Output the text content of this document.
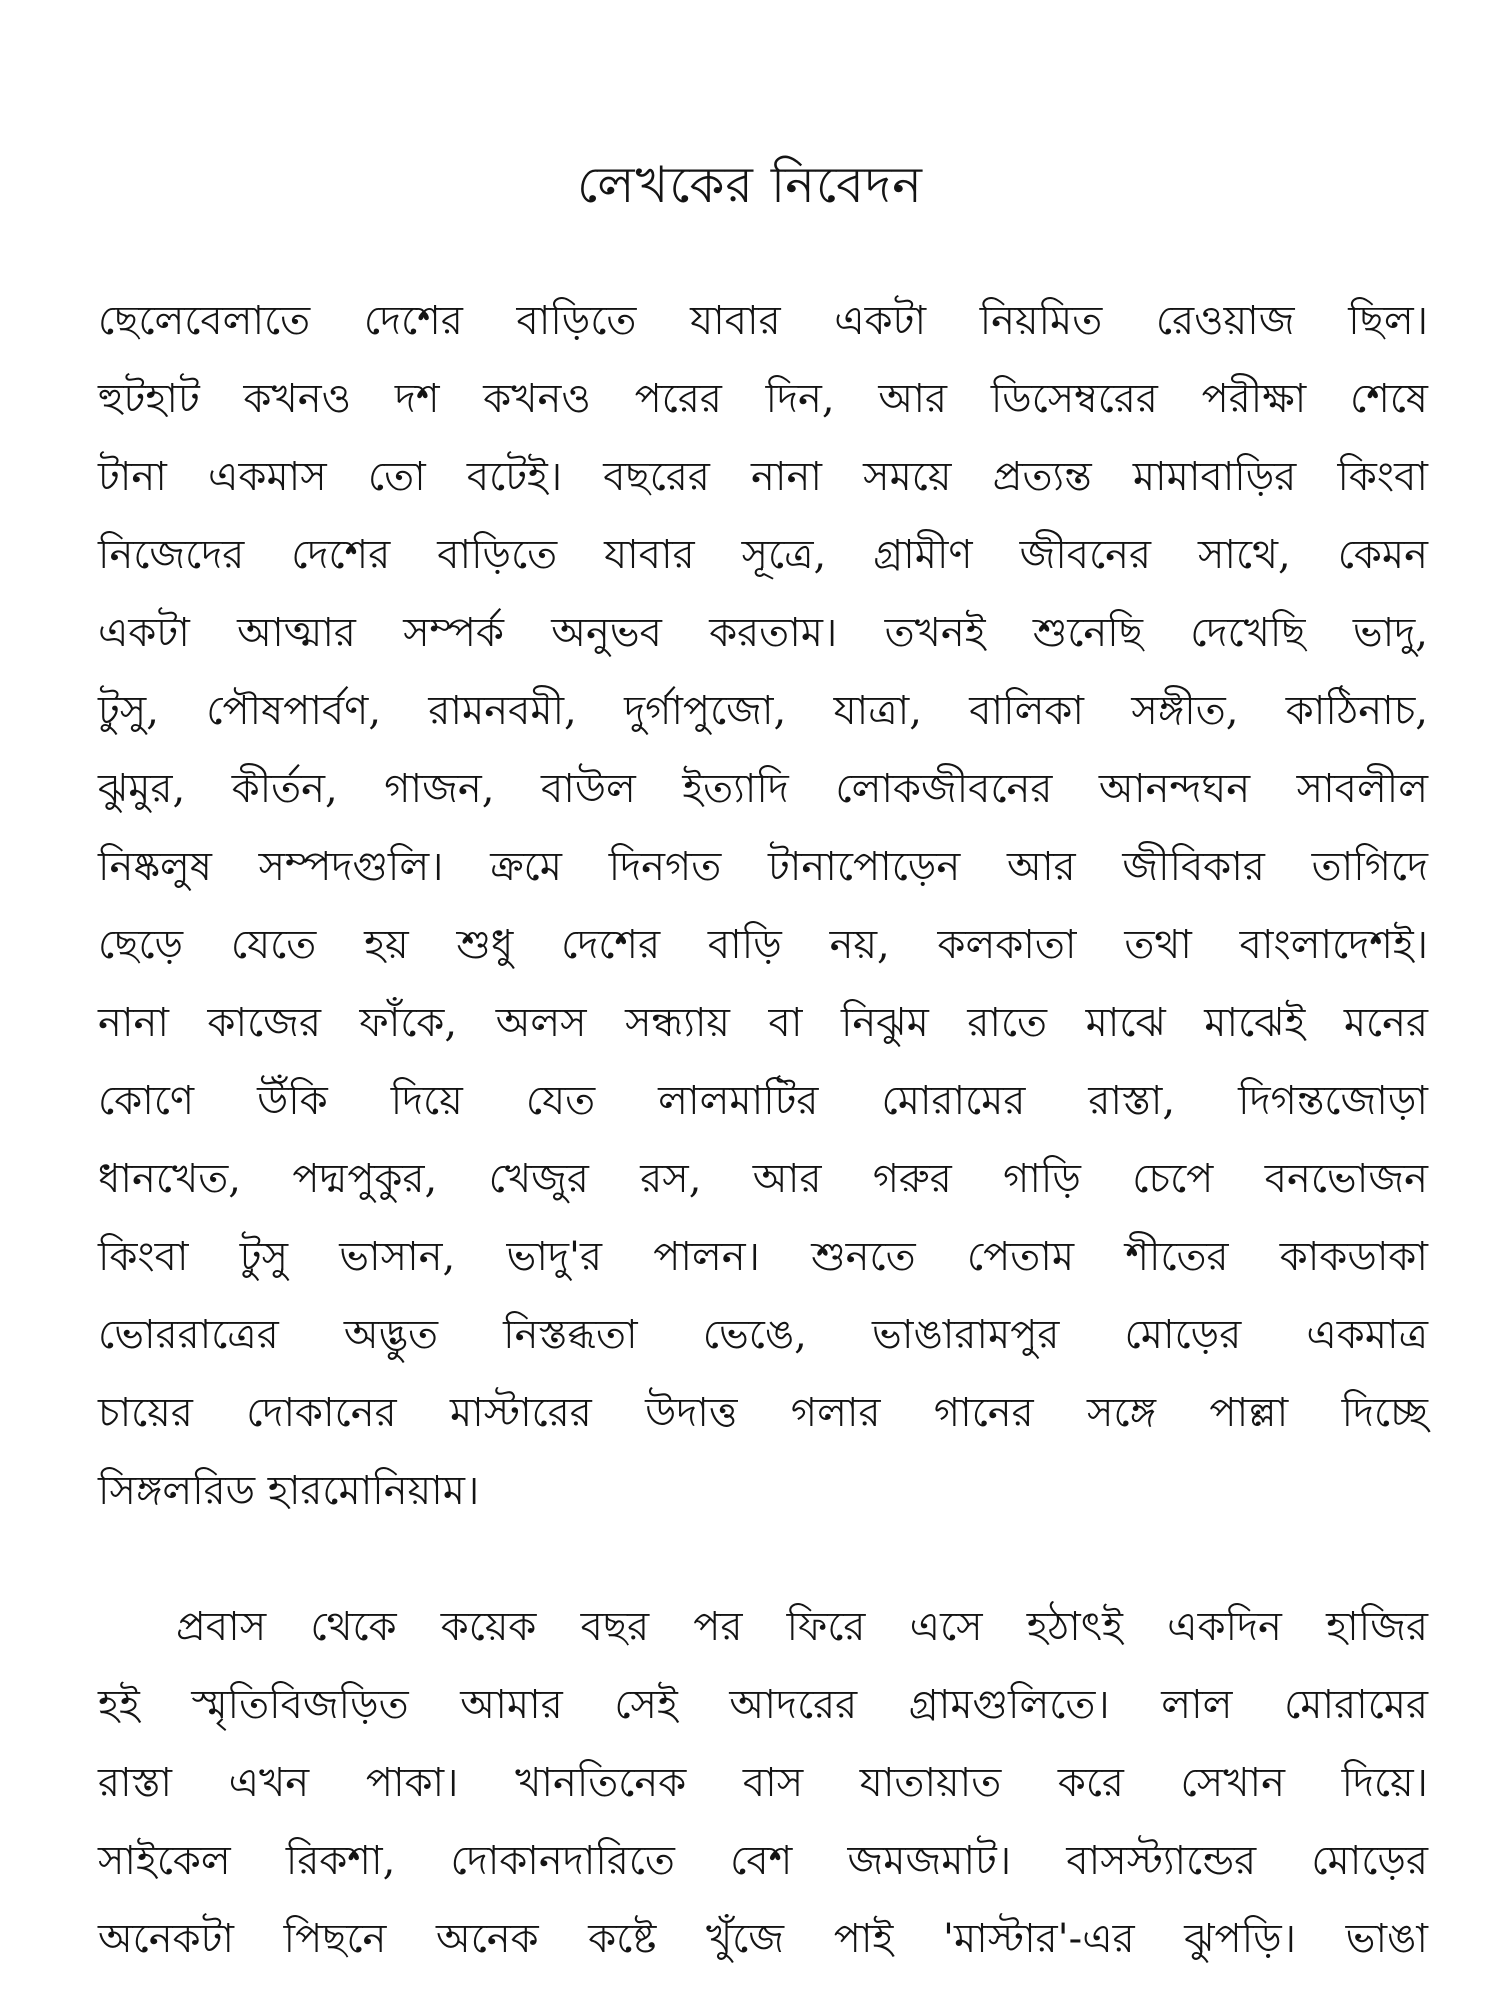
লেখকের নিবেদন
ছেলেবেলাতে দেশের বাড়িতে যাবার একটা নিয়মিত রেওয়াজ ছিল।
হুটহাট কখনও দশ কখনও পরের দিন, আর ডিসেম্বরের পরীক্ষা শেষে
টানা একমাস তো বটেই। বছরের নানা সময়ে প্রত্যন্ত মামাবাড়ির কিংবা
নিজেদের দেশের বাড়িতে যাবার সূত্রে, গ্রামীণ জীবনের সাথে, কেমন
একটা আত্মার সম্পর্ক অনুভব করতাম। তখনই শুনেছি দেখেছি ভাদু,
টুসু, পৌষপার্বণ, রামনবমী, দুর্গাপুজো, যাত্রা, বালিকা সঙ্গীত, কাঠিনাচ,
ঝুমুর, কীর্তন, গাজন, বাউল ইত্যাদি লোকজীবনের আনন্দঘন সাবলীল
নিষ্কলুষ সম্পদগুলি। ক্রমে দিনগত টানাপোড়েন আর জীবিকার তাগিদে
ছেড়ে যেতে হয় শুধু দেশের বাড়ি নয়, কলকাতা তথা বাংলাদেশই।
নানা কাজের ফাঁকে, অলস সন্ধ্যায় বা নিঝুম রাতে মাঝে মাঝেই মনের
কোণে উঁকি দিয়ে যেত লালমাটির মোরামের রাস্তা, দিগন্তজোড়া
ধানখেত, পদ্মপুকুর, খেজুর রস, আর গরুর গাড়ি চেপে বনভোজন
কিংবা টুসু ভাসান, ভাদু'র পালন। শুনতে পেতাম শীতের কাকডাকা
ভোররাত্রের অদ্ভুত নিস্তব্ধতা ভেঙে, ভাঙারামপুর মোড়ের একমাত্র
চায়ের দোকানের মাস্টারের উদাত্ত গলার গানের সঙ্গে পাল্লা দিচ্ছে
সিঙ্গলরিড হারমোনিয়াম।
প্রবাস থেকে কয়েক বছর পর ফিরে এসে হঠাৎই একদিন হাজির
হই স্মৃতিবিজড়িত আমার সেই আদরের গ্রামগুলিতে। লাল মোরামের
রাস্তা এখন পাকা। খানতিনেক বাস যাতায়াত করে সেখান দিয়ে।
সাইকেল রিকশা, দোকানদারিতে বেশ জমজমাট। বাসস্ট্যান্ডের মোড়ের
অনেকটা পিছনে অনেক কষ্টে খুঁজে পাই 'মাস্টার'-এর ঝুপড়ি। ভাঙা
